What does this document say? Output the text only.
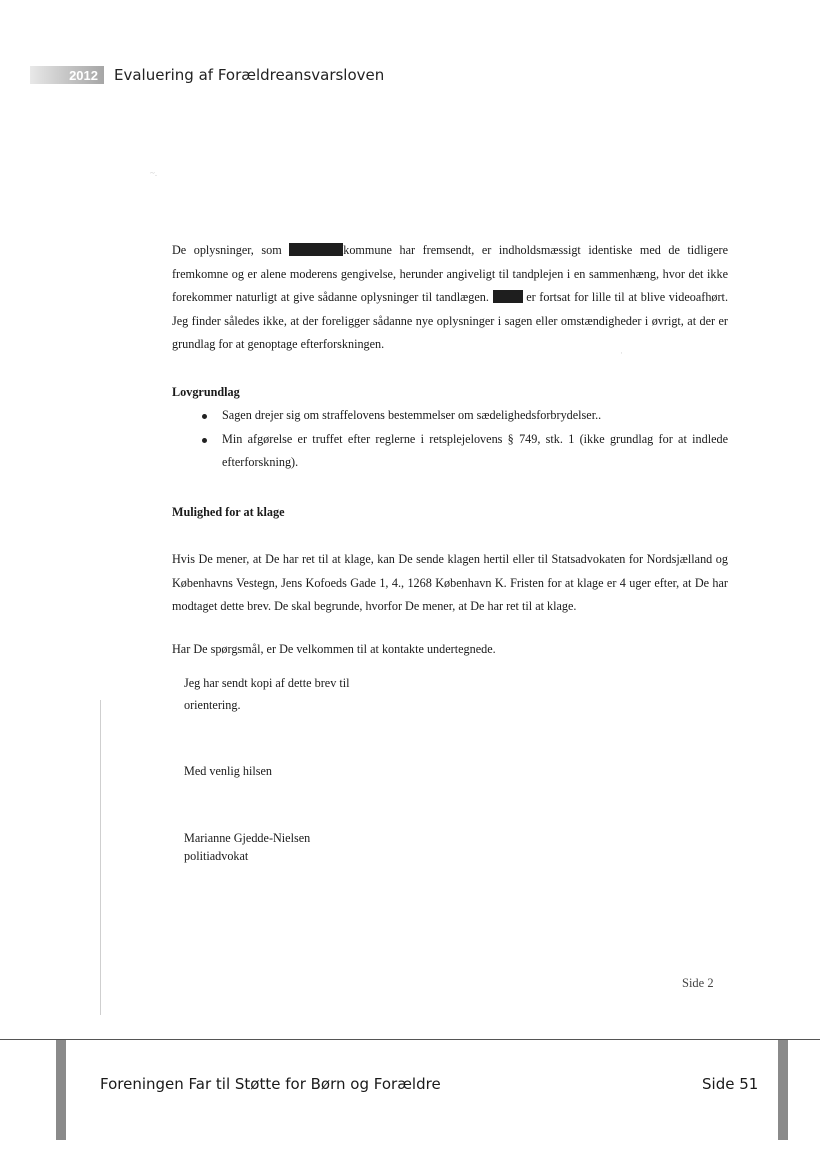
2012 Evaluering af Forældreansvarsloven
~.
·

De oplysninger, som	kommune har fremsendt, er indholdsmæssigt identiske med de tidligere fremkomne og er alene moderens gengivelse, herunder angiveligt til tandplejen i en sammenhæng, hvor det ikke forekommer naturligt at give sådanne oplysninger til tandlægen.  er fortsat for lille til at blive videoafhørt. Jeg finder således ikke, at der foreligger sådanne nye oplysninger i sagen eller omstændigheder i øvrigt, at der er grundlag for at genoptage efterforskningen.

Lovgrundlag

Sagen drejer sig om straffelovens bestemmelser om sædelighedsforbrydelser..
Min afgørelse er truffet efter reglerne i retsplejelovens § 749, stk. 1 (ikke grundlag for at indlede efterforskning).

Mulighed for at klage

Hvis De mener, at De har ret til at klage, kan De sende klagen hertil eller til Statsadvokaten for Nordsjælland og Københavns Vestegn, Jens Kofoeds Gade 1, 4., 1268 København K. Fristen for at klage er 4 uger efter, at De har modtaget dette brev. De skal begrunde, hvorfor De mener, at De har ret til at klage.

Har De spørgsmål, er De velkommen til at kontakte undertegnede.

Jeg har sendt kopi af dette brev til
orientering.
Med venlig hilsen
Marianne Gjedde-Nielsen
politiadvokat
Side 2
Foreningen Far til Støtte for Børn og Forældre	Side 51
